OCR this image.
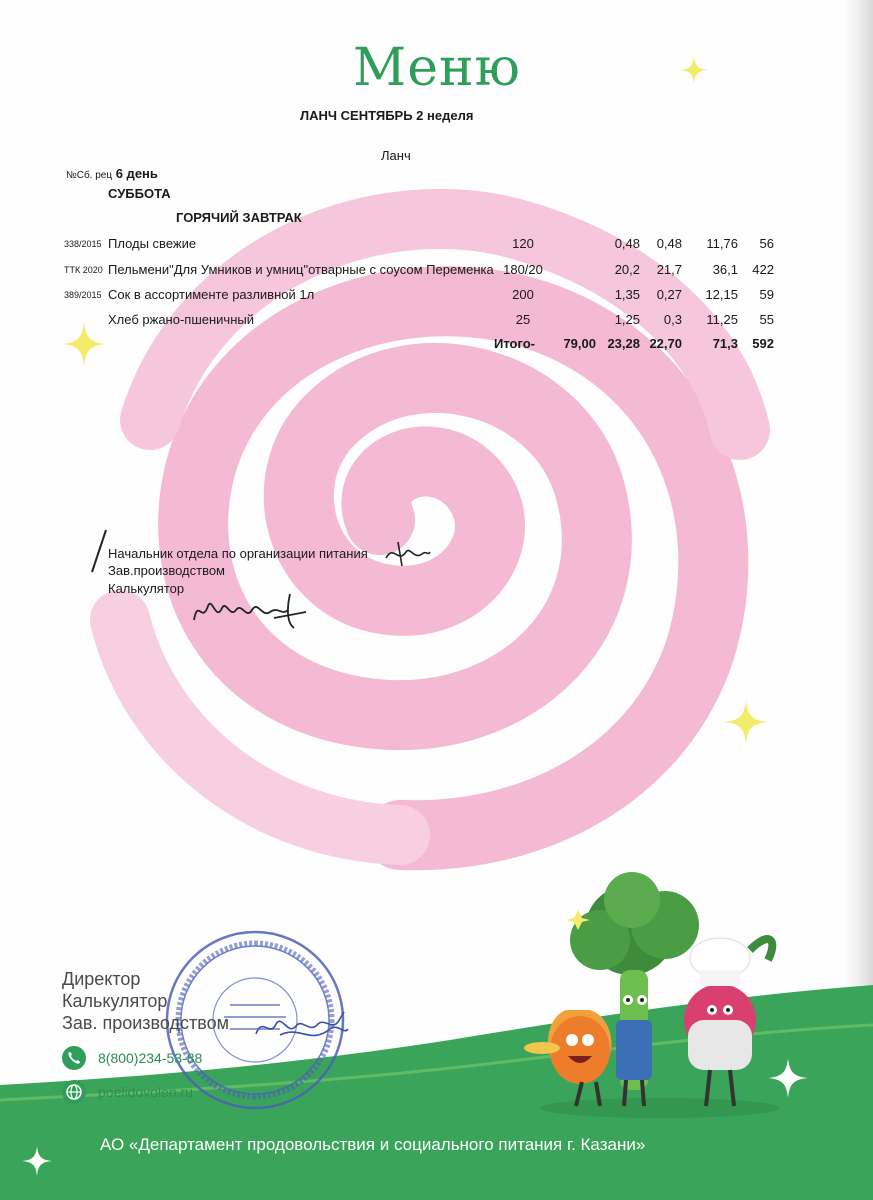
Меню
ЛАНЧ СЕНТЯБРЬ 2 неделя
Ланч
№Сб. рец 6 день
СУББОТА
ГОРЯЧИЙ ЗАВТРАК
338/2015 Плоды свежие	120	0,48	0,48	11,76	56
ТТК 2020 Пельмени"Для Умников и умниц"отварные с соусом Переменка 180/20	20,2	21,7	36,1	422
389/2015 Сок в ассортименте разливной 1л	200	1,35	0,27	12,15	59
Хлеб ржано-пшеничный	25	1,25	0,3	11,25	55
Итого-	79,00 23,28 22,70	71,3	592
Начальник отдела по организации питания
Зав.производством
Калькулятор
Директор
Калькулятор
Зав. производством
8(800)234-53-88
poelidovolen.ru
АО «Департамент продовольствия и социального питания г. Казани»
